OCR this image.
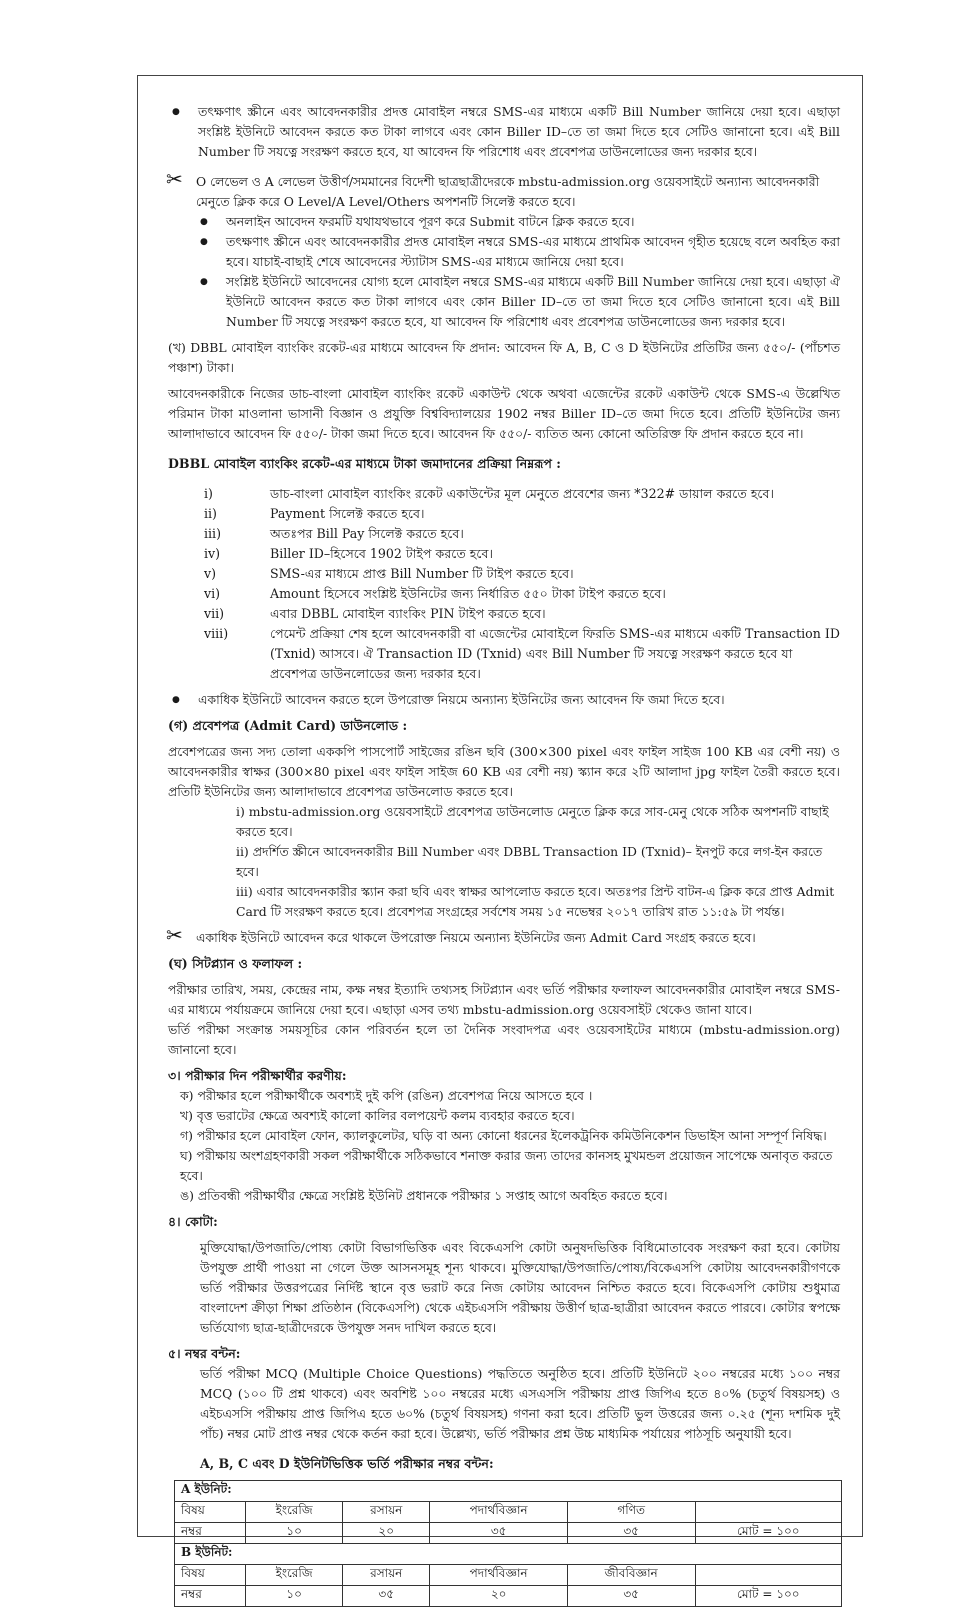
● তৎক্ষণাৎ স্ক্রীনে এবং আবেদনকারীর প্রদত্ত মোবাইল নম্বরে SMS-এর মাধ্যমে একটি Bill Number জানিয়ে দেয়া হবে। এছাড়া সংশ্লিষ্ট ইউনিটে আবেদন করতে কত টাকা লাগবে এবং কোন Biller ID–তে তা জমা দিতে হবে সেটিও জানানো হবে। এই Bill Number টি সযত্নে সংরক্ষণ করতে হবে, যা আবেদন ফি পরিশোধ এবং প্রবেশপত্র ডাউনলোডের জন্য দরকার হবে।
✂ O লেভেল ও A লেভেল উত্তীর্ণ/সমমানের বিদেশী ছাত্রছাত্রীদেরকে mbstu-admission.org ওয়েবসাইটে অন্যান্য আবেদনকারী মেনুতে ক্লিক করে O Level/A Level/Others অপশনটি সিলেক্ট করতে হবে।
● অনলাইন আবেদন ফরমটি যথাযথভাবে পূরণ করে Submit বাটনে ক্লিক করতে হবে।
● তৎক্ষণাৎ স্ক্রীনে এবং আবেদনকারীর প্রদত্ত মোবাইল নম্বরে SMS-এর মাধ্যমে প্রাথমিক আবেদন গৃহীত হয়েছে বলে অবহিত করা হবে। যাচাই-বাছাই শেষে আবেদনের স্ট্যাটাস SMS-এর মাধ্যমে জানিয়ে দেয়া হবে।
● সংশ্লিষ্ট ইউনিটে আবেদনের যোগ্য হলে মোবাইল নম্বরে SMS-এর মাধ্যমে একটি Bill Number জানিয়ে দেয়া হবে। এছাড়া ঐ ইউনিটে আবেদন করতে কত টাকা লাগবে এবং কোন Biller ID–তে তা জমা দিতে হবে সেটিও জানানো হবে। এই Bill Number টি সযত্নে সংরক্ষণ করতে হবে, যা আবেদন ফি পরিশোধ এবং প্রবেশপত্র ডাউনলোডের জন্য দরকার হবে।
(খ) DBBL মোবাইল ব্যাংকিং রকেট-এর মাধ্যমে আবেদন ফি প্রদান: আবেদন ফি A, B, C ও D ইউনিটের প্রতিটির জন্য ৫৫০/- (পাঁচশত পঞ্চাশ) টাকা।
আবেদনকারীকে নিজের ডাচ-বাংলা মোবাইল ব্যাংকিং রকেট একাউন্ট থেকে অথবা এজেন্টের রকেট একাউন্ট থেকে SMS-এ উল্লেখিত পরিমান টাকা মাওলানা ভাসানী বিজ্ঞান ও প্রযুক্তি বিশ্ববিদ্যালয়ের 1902 নম্বর Biller ID–তে জমা দিতে হবে। প্রতিটি ইউনিটের জন্য আলাদাভাবে আবেদন ফি ৫৫০/- টাকা জমা দিতে হবে। আবেদন ফি ৫৫০/- ব্যতিত অন্য কোনো অতিরিক্ত ফি প্রদান করতে হবে না।
DBBL মোবাইল ব্যাংকিং রকেট-এর মাধ্যমে টাকা জমাদানের প্রক্রিয়া নিম্নরূপ :
i)	ডাচ-বাংলা মোবাইল ব্যাংকিং রকেট একাউন্টের মূল মেনুতে প্রবেশের জন্য *322# ডায়াল করতে হবে।
ii)	Payment সিলেক্ট করতে হবে।
iii)	অতঃপর Bill Pay সিলেক্ট করতে হবে।
iv)	Biller ID–হিসেবে 1902 টাইপ করতে হবে।
v)	SMS-এর মাধ্যমে প্রাপ্ত Bill Number টি টাইপ করতে হবে।
vi)	Amount হিসেবে সংশ্লিষ্ট ইউনিটের জন্য নির্ধারিত ৫৫০ টাকা টাইপ করতে হবে।
vii)	এবার DBBL মোবাইল ব্যাংকিং PIN টাইপ করতে হবে।
viii)	পেমেন্ট প্রক্রিয়া শেষ হলে আবেদনকারী বা এজেন্টের মোবাইলে ফিরতি SMS-এর মাধ্যমে একটি Transaction ID (Txnid) আসবে। ঐ Transaction ID (Txnid) এবং Bill Number টি সযত্নে সংরক্ষণ করতে হবে যা প্রবেশপত্র ডাউনলোডের জন্য দরকার হবে।
● একাধিক ইউনিটে আবেদন করতে হলে উপরোক্ত নিয়মে অন্যান্য ইউনিটের জন্য আবেদন ফি জমা দিতে হবে।
(গ) প্রবেশপত্র (Admit Card) ডাউনলোড :
প্রবেশপত্রের জন্য সদ্য তোলা এককপি পাসপোর্ট সাইজের রঙিন ছবি (300×300 pixel এবং ফাইল সাইজ 100 KB এর বেশী নয়) ও আবেদনকারীর স্বাক্ষর (300×80 pixel এবং ফাইল সাইজ 60 KB এর বেশী নয়) স্ক্যান করে ২টি আলাদা jpg ফাইল তৈরী করতে হবে। প্রতিটি ইউনিটের জন্য আলাদাভাবে প্রবেশপত্র ডাউনলোড করতে হবে।
i) mbstu-admission.org ওয়েবসাইটে প্রবেশপত্র ডাউনলোড মেনুতে ক্লিক করে সাব-মেনু থেকে সঠিক অপশনটি বাছাই করতে হবে।
ii) প্রদর্শিত স্ক্রীনে আবেদনকারীর Bill Number এবং DBBL Transaction ID (Txnid)– ইনপুট করে লগ-ইন করতে হবে।
iii) এবার আবেদনকারীর স্ক্যান করা ছবি এবং স্বাক্ষর আপলোড করতে হবে। অতঃপর প্রিন্ট বাটন-এ ক্লিক করে প্রাপ্ত Admit Card টি সংরক্ষণ করতে হবে। প্রবেশপত্র সংগ্রহের সর্বশেষ সময় ১৫ নভেম্বর ২০১৭ তারিখ রাত ১১:৫৯ টা পর্যন্ত।
✂ একাধিক ইউনিটে আবেদন করে থাকলে উপরোক্ত নিয়মে অন্যান্য ইউনিটের জন্য Admit Card সংগ্রহ করতে হবে।
(ঘ) সিটপ্ল্যান ও ফলাফল :
পরীক্ষার তারিখ, সময়, কেন্দ্রের নাম, কক্ষ নম্বর ইত্যাদি তথ্যসহ সিটপ্ল্যান এবং ভর্তি পরীক্ষার ফলাফল আবেদনকারীর মোবাইল নম্বরে SMS-এর মাধ্যমে পর্যায়ক্রমে জানিয়ে দেয়া হবে। এছাড়া এসব তথ্য mbstu-admission.org ওয়েবসাইট থেকেও জানা যাবে।
ভর্তি পরীক্ষা সংক্রান্ত সময়সূচির কোন পরিবর্তন হলে তা দৈনিক সংবাদপত্র এবং ওয়েবসাইটের মাধ্যমে (mbstu-admission.org) জানানো হবে।
৩। পরীক্ষার দিন পরীক্ষার্থীর করণীয়:
ক) পরীক্ষার হলে পরীক্ষার্থীকে অবশ্যই দুই কপি (রঙিন) প্রবেশপত্র নিয়ে আসতে হবে ।
খ) বৃত্ত ভরাটের ক্ষেত্রে অবশ্যই কালো কালির বলপয়েন্ট কলম ব্যবহার করতে হবে।
গ) পরীক্ষার হলে মোবাইল ফোন, ক্যালকুলেটর, ঘড়ি বা অন্য কোনো ধরনের ইলেকট্রনিক কমিউনিকেশন ডিভাইস আনা সম্পূর্ণ নিষিদ্ধ।
ঘ) পরীক্ষায় অংশগ্রহণকারী সকল পরীক্ষার্থীকে সঠিকভাবে শনাক্ত করার জন্য তাদের কানসহ মুখমন্ডল প্রয়োজন সাপেক্ষে অনাবৃত করতে হবে।
ঙ) প্রতিবন্ধী পরীক্ষার্থীর ক্ষেত্রে সংশ্লিষ্ট ইউনিট প্রধানকে পরীক্ষার ১ সপ্তাহ আগে অবহিত করতে হবে।
৪। কোটা:
মুক্তিযোদ্ধা/উপজাতি/পোষ্য কোটা বিভাগভিত্তিক এবং বিকেএসপি কোটা অনুষদভিত্তিক বিধিমোতাবেক সংরক্ষণ করা হবে। কোটায় উপযুক্ত প্রার্থী পাওয়া না গেলে উক্ত আসনসমূহ শূন্য থাকবে। মুক্তিযোদ্ধা/উপজাতি/পোষ্য/বিকেএসপি কোটায় আবেদনকারীগণকে ভর্তি পরীক্ষার উত্তরপত্রের নির্দিষ্ট স্থানে বৃত্ত ভরাট করে নিজ কোটায় আবেদন নিশ্চিত করতে হবে। বিকেএসপি কোটায় শুধুমাত্র বাংলাদেশ ক্রীড়া শিক্ষা প্রতিষ্ঠান (বিকেএসপি) থেকে এইচএসসি পরীক্ষায় উত্তীর্ণ ছাত্র-ছাত্রীরা আবেদন করতে পারবে। কোটার স্বপক্ষে ভর্তিযোগ্য ছাত্র-ছাত্রীদেরকে উপযুক্ত সনদ দাখিল করতে হবে।
৫। নম্বর বন্টন:
ভর্তি পরীক্ষা MCQ (Multiple Choice Questions) পদ্ধতিতে অনুষ্ঠিত হবে। প্রতিটি ইউনিটে ২০০ নম্বরের মধ্যে ১০০ নম্বর MCQ (১০০ টি প্রশ্ন থাকবে) এবং অবশিষ্ট ১০০ নম্বরের মধ্যে এসএসসি পরীক্ষায় প্রাপ্ত জিপিএ হতে ৪০% (চতুর্থ বিষয়সহ) ও এইচএসসি পরীক্ষায় প্রাপ্ত জিপিএ হতে ৬০% (চতুর্থ বিষয়সহ) গণনা করা হবে। প্রতিটি ভুল উত্তরের জন্য ০.২৫ (শূন্য দশমিক দুই পাঁচ) নম্বর মোট প্রাপ্ত নম্বর থেকে কর্তন করা হবে। উল্লেখ্য, ভর্তি পরীক্ষার প্রশ্ন উচ্চ মাধ্যমিক পর্যায়ের পাঠসূচি অনুযায়ী হবে।
A, B, C এবং D ইউনিটভিত্তিক ভর্তি পরীক্ষার নম্বর বন্টন:
A ইউনিট:					
বিষয়	ইংরেজি	রসায়ন	পদার্থবিজ্ঞান	গণিত	
নম্বর	১০	২০	৩৫	৩৫	মোট = ১০০
B ইউনিট:					
বিষয়	ইংরেজি	রসায়ন	পদার্থবিজ্ঞান	জীববিজ্ঞান	
নম্বর	১০	৩৫	২০	৩৫	মোট = ১০০
